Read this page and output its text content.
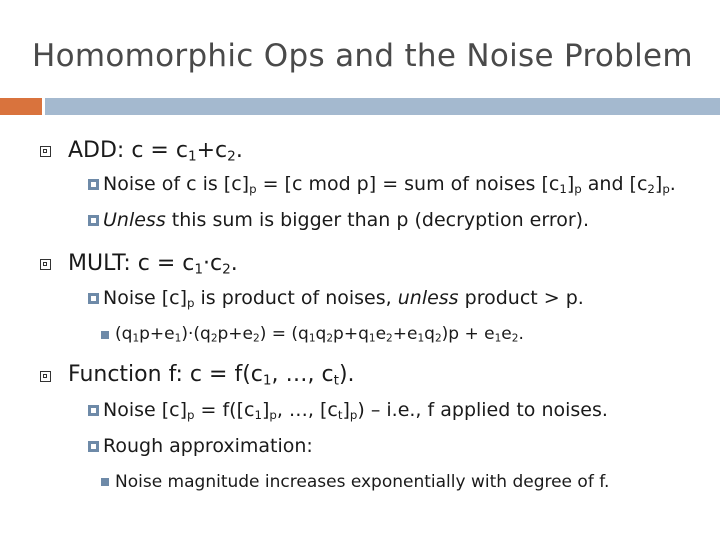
Homomorphic Ops and the Noise Problem
ADD: $c = c_1+c_2$.
Noise of c is $[c]_p = [c$ mod p] = sum of noises $[c_1]_p$ and $[c_2]_p$.
Unless this sum is bigger than p (decryption error).
MULT: $c = c_1\cdot c_2$.
Noise $[c]_p$ is product of noises, unless product > p.
$(q_1p+e_1)\cdot(q_2p+e_2) = (q_1q_2p+q_1e_2+e_1q_2)p + e_1e_2$.
Function f: $c = f(c_1$, …, $c_t$).
Noise $[c]_p = f([c_1]_p$, …, $[c_t]_p) - i.e$., f applied to noises.
Rough approximation:
Noise magnitude increases exponentially with degree of f.
